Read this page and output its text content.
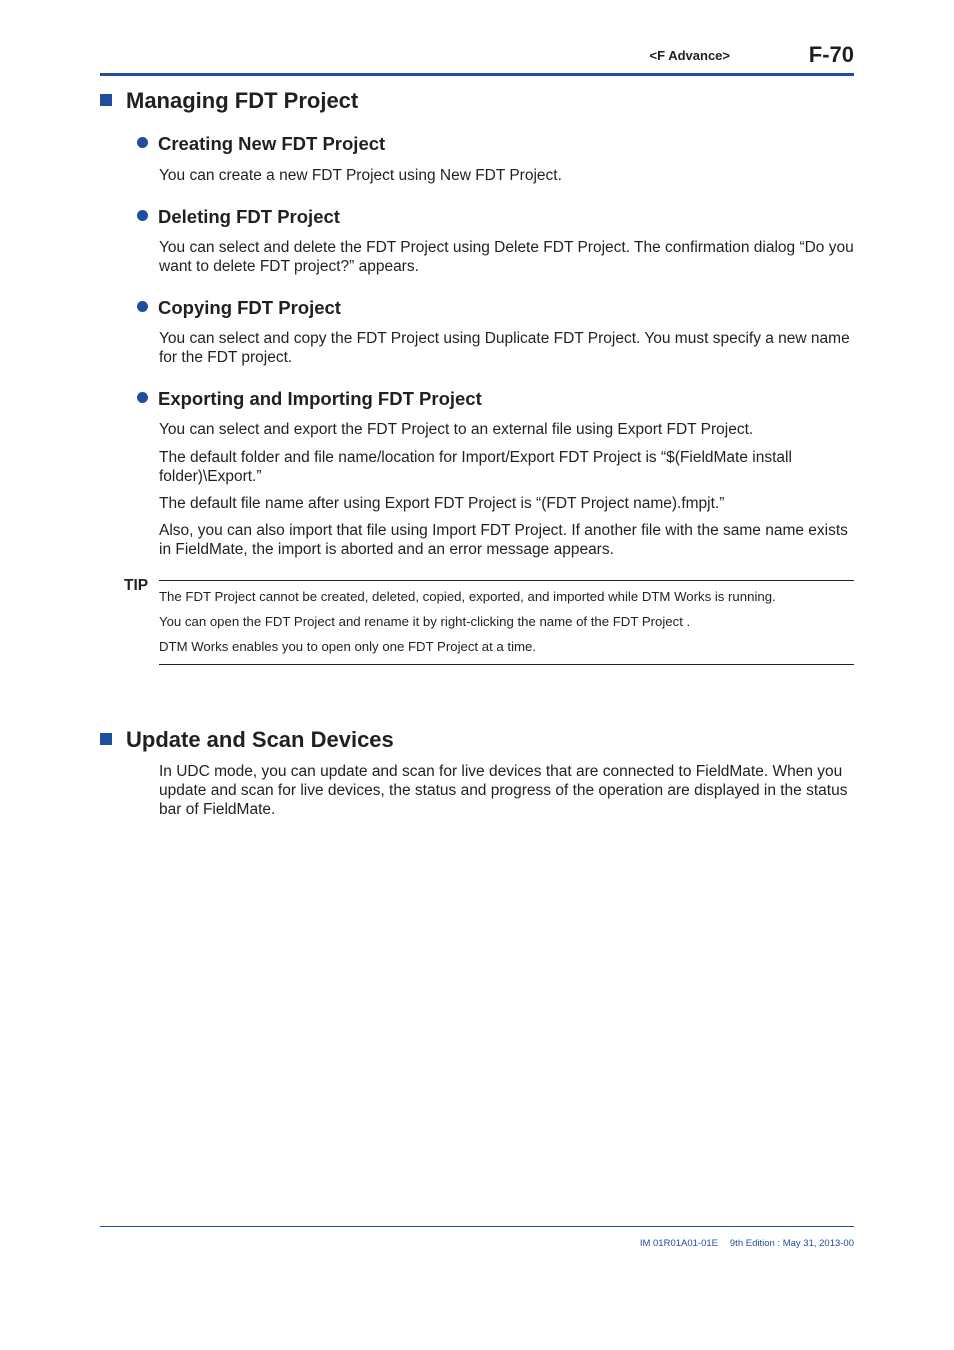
<F Advance>	F-70
Managing FDT Project
Creating New FDT Project

You can create a new FDT Project using New FDT Project.

Deleting FDT Project

You can select and delete the FDT Project using Delete FDT Project. The confirmation dialog “Do you want to delete FDT project?” appears.

Copying FDT Project

You can select and copy the FDT Project using Duplicate FDT Project. You must specify a new name for the FDT project.

Exporting and Importing FDT Project

You can select and export the FDT Project to an external file using Export FDT Project.

The default folder and file name/location for Import/Export FDT Project is “$(FieldMate install folder)\Export.”

The default file name after using Export FDT Project is “(FDT Project name).fmpjt.”

Also, you can also import that file using Import FDT Project. If another file with the same name exists in FieldMate, the import is aborted and an error message appears.

TIP
The FDT Project cannot be created, deleted, copied, exported, and imported while DTM Works is running.
You can open the FDT Project and rename it by right-clicking the name of the FDT Project .
DTM Works enables you to open only one FDT Project at a time.
Update and Scan Devices

In UDC mode, you can update and scan for live devices that are connected to FieldMate. When you update and scan for live devices, the status and progress of the operation are displayed in the status bar of FieldMate.

IM 01R01A01-01E 9th Edition : May 31, 2013-00
